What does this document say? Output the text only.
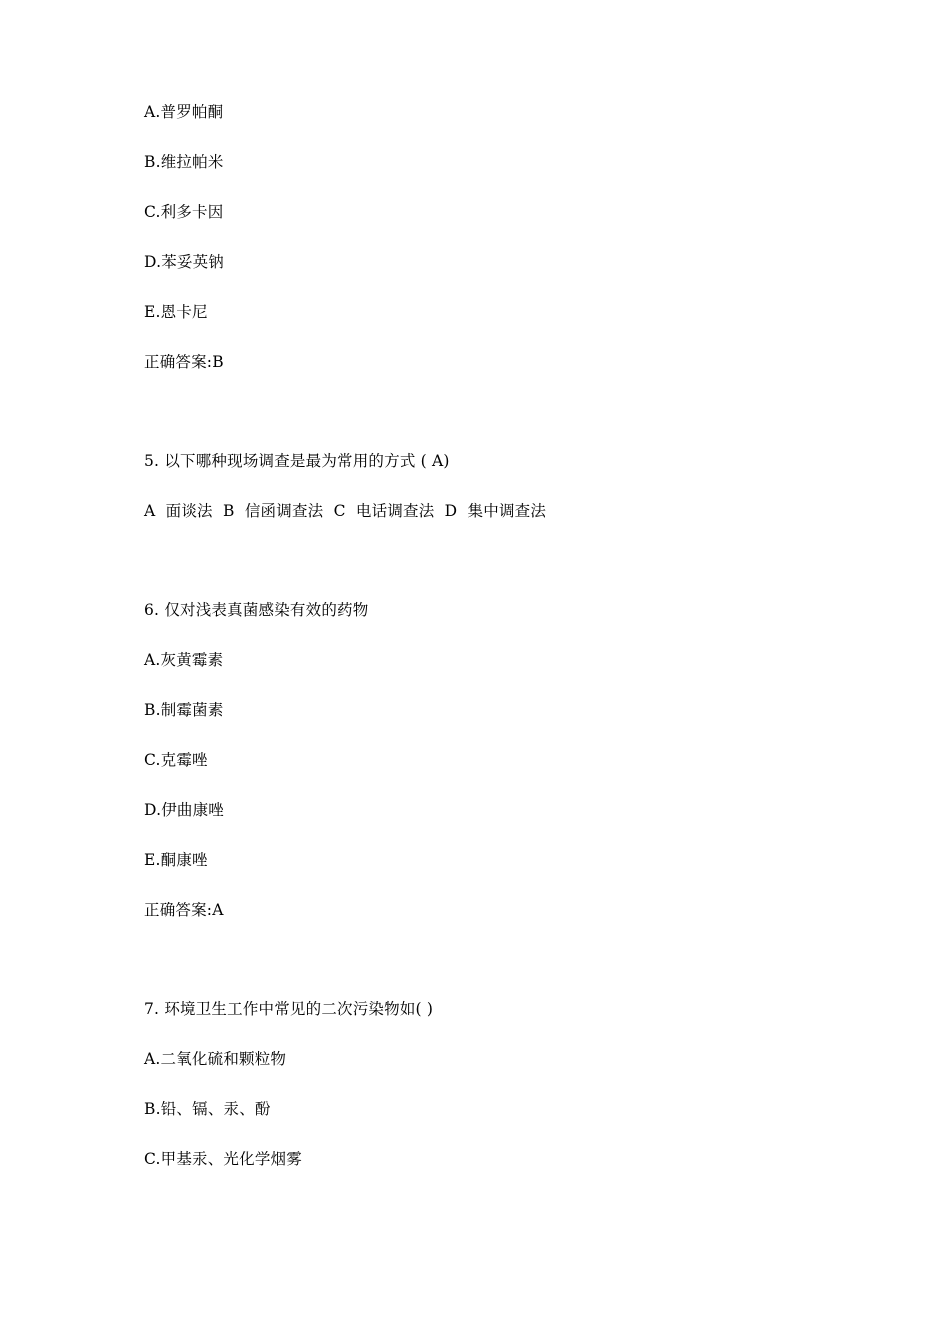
A.普罗帕酮
B.维拉帕米
C.利多卡因
D.苯妥英钠
E.恩卡尼
正确答案:B
5. 以下哪种现场调查是最为常用的方式 ( A)
A  面谈法  B  信函调查法  C  电话调查法  D  集中调查法
6. 仅对浅表真菌感染有效的药物
A.灰黄霉素
B.制霉菌素
C.克霉唑
D.伊曲康唑
E.酮康唑
正确答案:A
7. 环境卫生工作中常见的二次污染物如( )
A.二氧化硫和颗粒物
B.铅、镉、汞、酚
C.甲基汞、光化学烟雾
